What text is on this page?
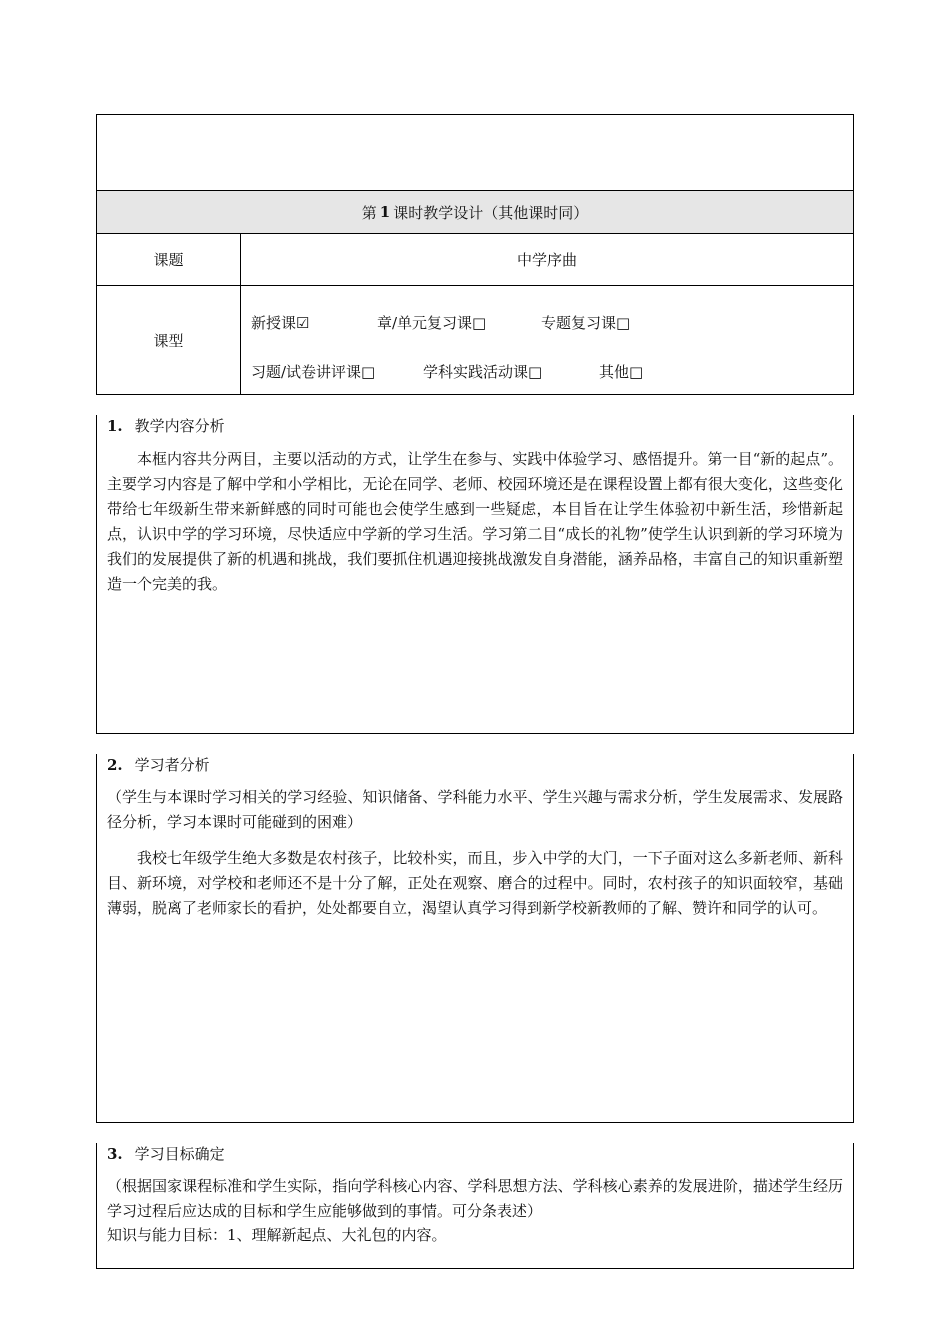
第 1 课时教学设计（其他课时同）
课题	中学序曲
课型
新授课☑	章/单元复习课□	专题复习课□
习题/试卷讲评课□	学科实践活动课□	其他□
1. 教学内容分析

本框内容共分两目，主要以活动的方式，让学生在参与、实践中体验学习、感悟提升。第一目“新的起点”。主要学习内容是了解中学和小学相比，无论在同学、老师、校园环境还是在课程设置上都有很大变化，这些变化带给七年级新生带来新鲜感的同时可能也会使学生感到一些疑虑，本目旨在让学生体验初中新生活，珍惜新起点，认识中学的学习环境，尽快适应中学新的学习生活。学习第二目“成长的礼物”使学生认识到新的学习环境为我们的发展提供了新的机遇和挑战，我们要抓住机遇迎接挑战激发自身潜能，涵养品格，丰富自己的知识重新塑造一个完美的我。

2. 学习者分析

（学生与本课时学习相关的学习经验、知识储备、学科能力水平、学生兴趣与需求分析，学生发展需求、发展路径分析，学习本课时可能碰到的困难）

我校七年级学生绝大多数是农村孩子，比较朴实，而且，步入中学的大门，一下子面对这么多新老师、新科目、新环境，对学校和老师还不是十分了解，正处在观察、磨合的过程中。同时，农村孩子的知识面较窄，基础薄弱，脱离了老师家长的看护，处处都要自立，渴望认真学习得到新学校新教师的了解、赞许和同学的认可。

3. 学习目标确定

（根据国家课程标准和学生实际，指向学科核心内容、学科思想方法、学科核心素养的发展进阶，描述学生经历学习过程后应达成的目标和学生应能够做到的事情。可分条表述）

知识与能力目标：1、理解新起点、大礼包的内容。
